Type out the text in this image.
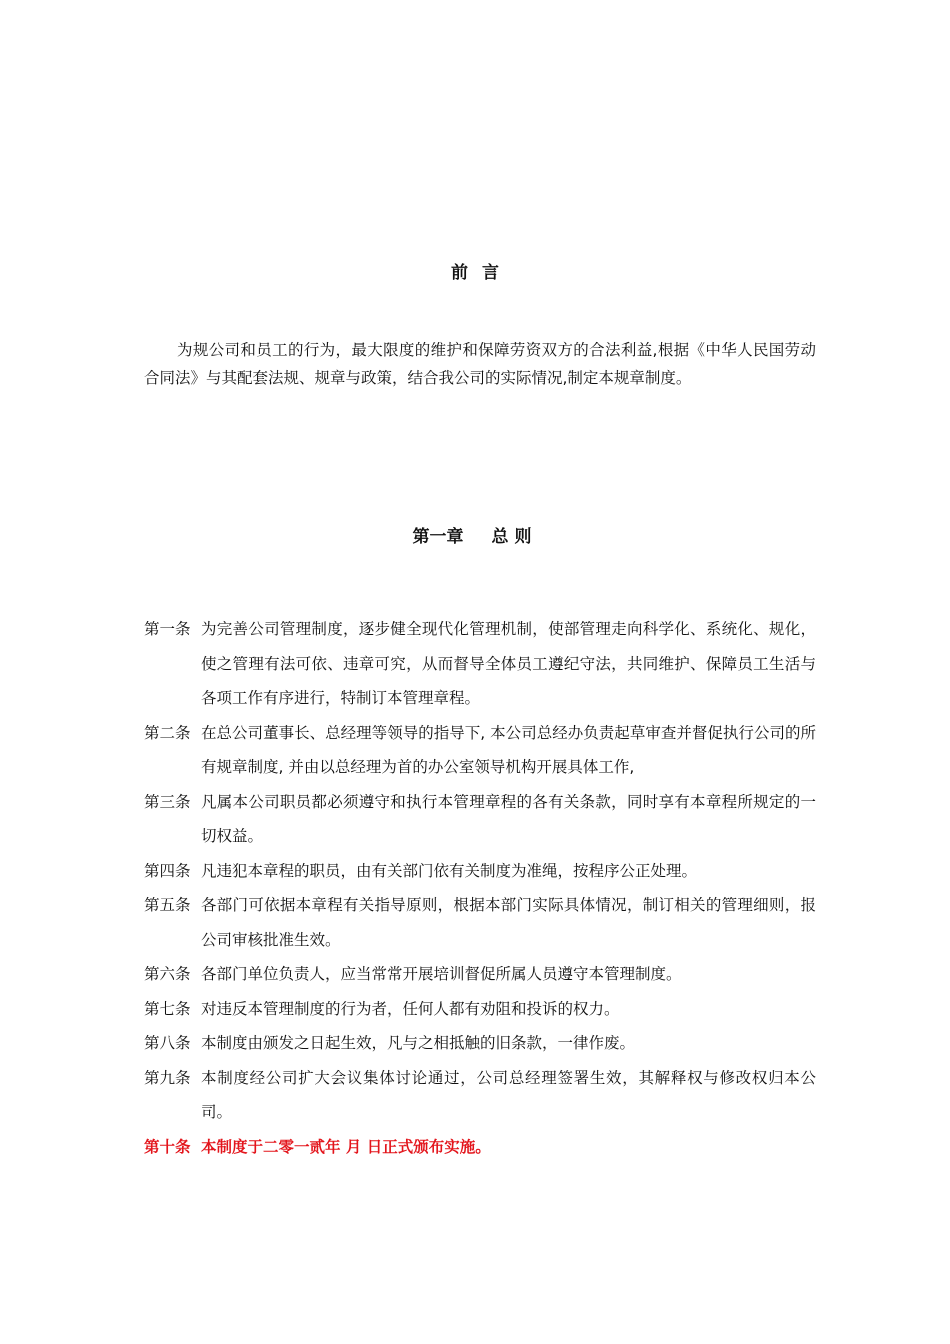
前言
为规公司和员工的行为，最大限度的维护和保障劳资双方的合法利益,根据《中华人民国劳动合同法》与其配套法规、规章与政策，结合我公司的实际情况,制定本规章制度。
第一章 总则
第一条 为完善公司管理制度，逐步健全现代化管理机制，使部管理走向科学化、系统化、规化，使之管理有法可依、违章可究，从而督导全体员工遵纪守法，共同维护、保障员工生活与各项工作有序进行，特制订本管理章程。
第二条 在总公司董事长、总经理等领导的指导下, 本公司总经办负责起草审查并督促执行公司的所有规章制度, 并由以总经理为首的办公室领导机构开展具体工作,
第三条 凡属本公司职员都必须遵守和执行本管理章程的各有关条款，同时享有本章程所规定的一切权益。
第四条 凡违犯本章程的职员，由有关部门依有关制度为准绳，按程序公正处理。
第五条 各部门可依据本章程有关指导原则，根据本部门实际具体情况，制订相关的管理细则，报公司审核批准生效。
第六条 各部门单位负责人，应当常常开展培训督促所属人员遵守本管理制度。
第七条 对违反本管理制度的行为者，任何人都有劝阻和投诉的权力。
第八条 本制度由颁发之日起生效，凡与之相抵触的旧条款，一律作废。
第九条 本制度经公司扩大会议集体讨论通过，公司总经理签署生效，其解释权与修改权归本公司。
第十条 本制度于二零一贰年 月 日正式颁布实施。
